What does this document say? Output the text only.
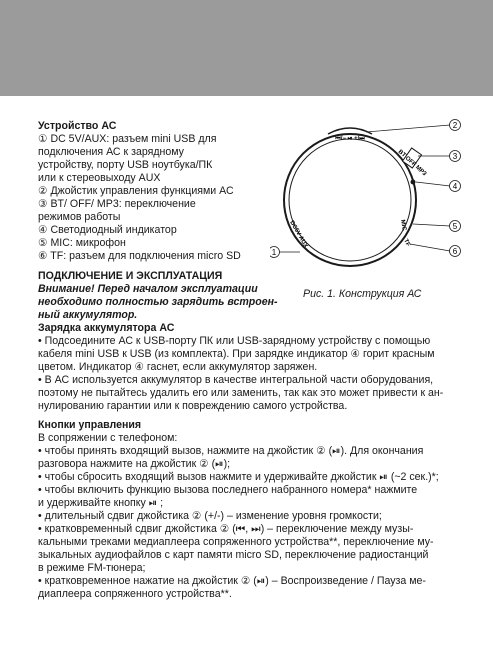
Устройство АС
① DC 5V/AUX: разъем mini USB для
подключения АС к зарядному
устройству, порту USB ноутбука/ПК
или к стереовыходу AUX
② Джойстик управления функциями АС
③ BT/ OFF/ MP3: переключение
режимов работы
④ Светодиодный индикатор
⑤ MIC: микрофон
⑥ TF: разъем для подключения micro SD
⏮/− ⏯ +/⏭
BT OFF MP3
MIC
TF
DC5V AUX
2
3
4
5
6
1
Рис. 1. Конструкция АС
ПОДКЛЮЧЕНИЕ И ЭКСПЛУАТАЦИЯ
Внимание! Перед началом эксплуатации
необходимо полностью зарядить встроен-
ный аккумулятор.
Зарядка аккумулятора АС
• Подсоедините АС к USB-порту ПК или USB-зарядному устройству с помощью
кабеля mini USB к USB (из комплекта). При зарядке индикатор ④ горит красным
цветом. Индикатор ④ гаснет, если аккумулятор заряжен.
• В АС используется аккумулятор в качестве интегральной части оборудования,
поэтому не пытайтесь удалить его или заменить, так как это может привести к ан-
нулированию гарантии или к повреждению самого устройства.
Кнопки управления
В сопряжении с телефоном:
• чтобы принять входящий вызов, нажмите на джойстик ② (⏯). Для окончания
разговора нажмите на джойстик ② (⏯);
• чтобы сбросить входящий вызов нажмите и удерживайте джойстик ⏯ (~2 сек.)*;
• чтобы включить функцию вызова последнего набранного номера* нажмите
и удерживайте кнопку ⏯ ;
• длительный сдвиг джойстика ② (+/-) – изменение уровня громкости;
• кратковременный сдвиг джойстика ② (⏮, ⏭) – переключение между музы-
кальными треками медиаплеера сопряженного устройства**, переключение му-
зыкальных аудиофайлов с карт памяти micro SD, переключение радиостанций
в режиме FM-тюнера;
• кратковременное нажатие на джойстик ② (⏯) – Воспроизведение / Пауза ме-
диаплеера сопряженного устройства**.
